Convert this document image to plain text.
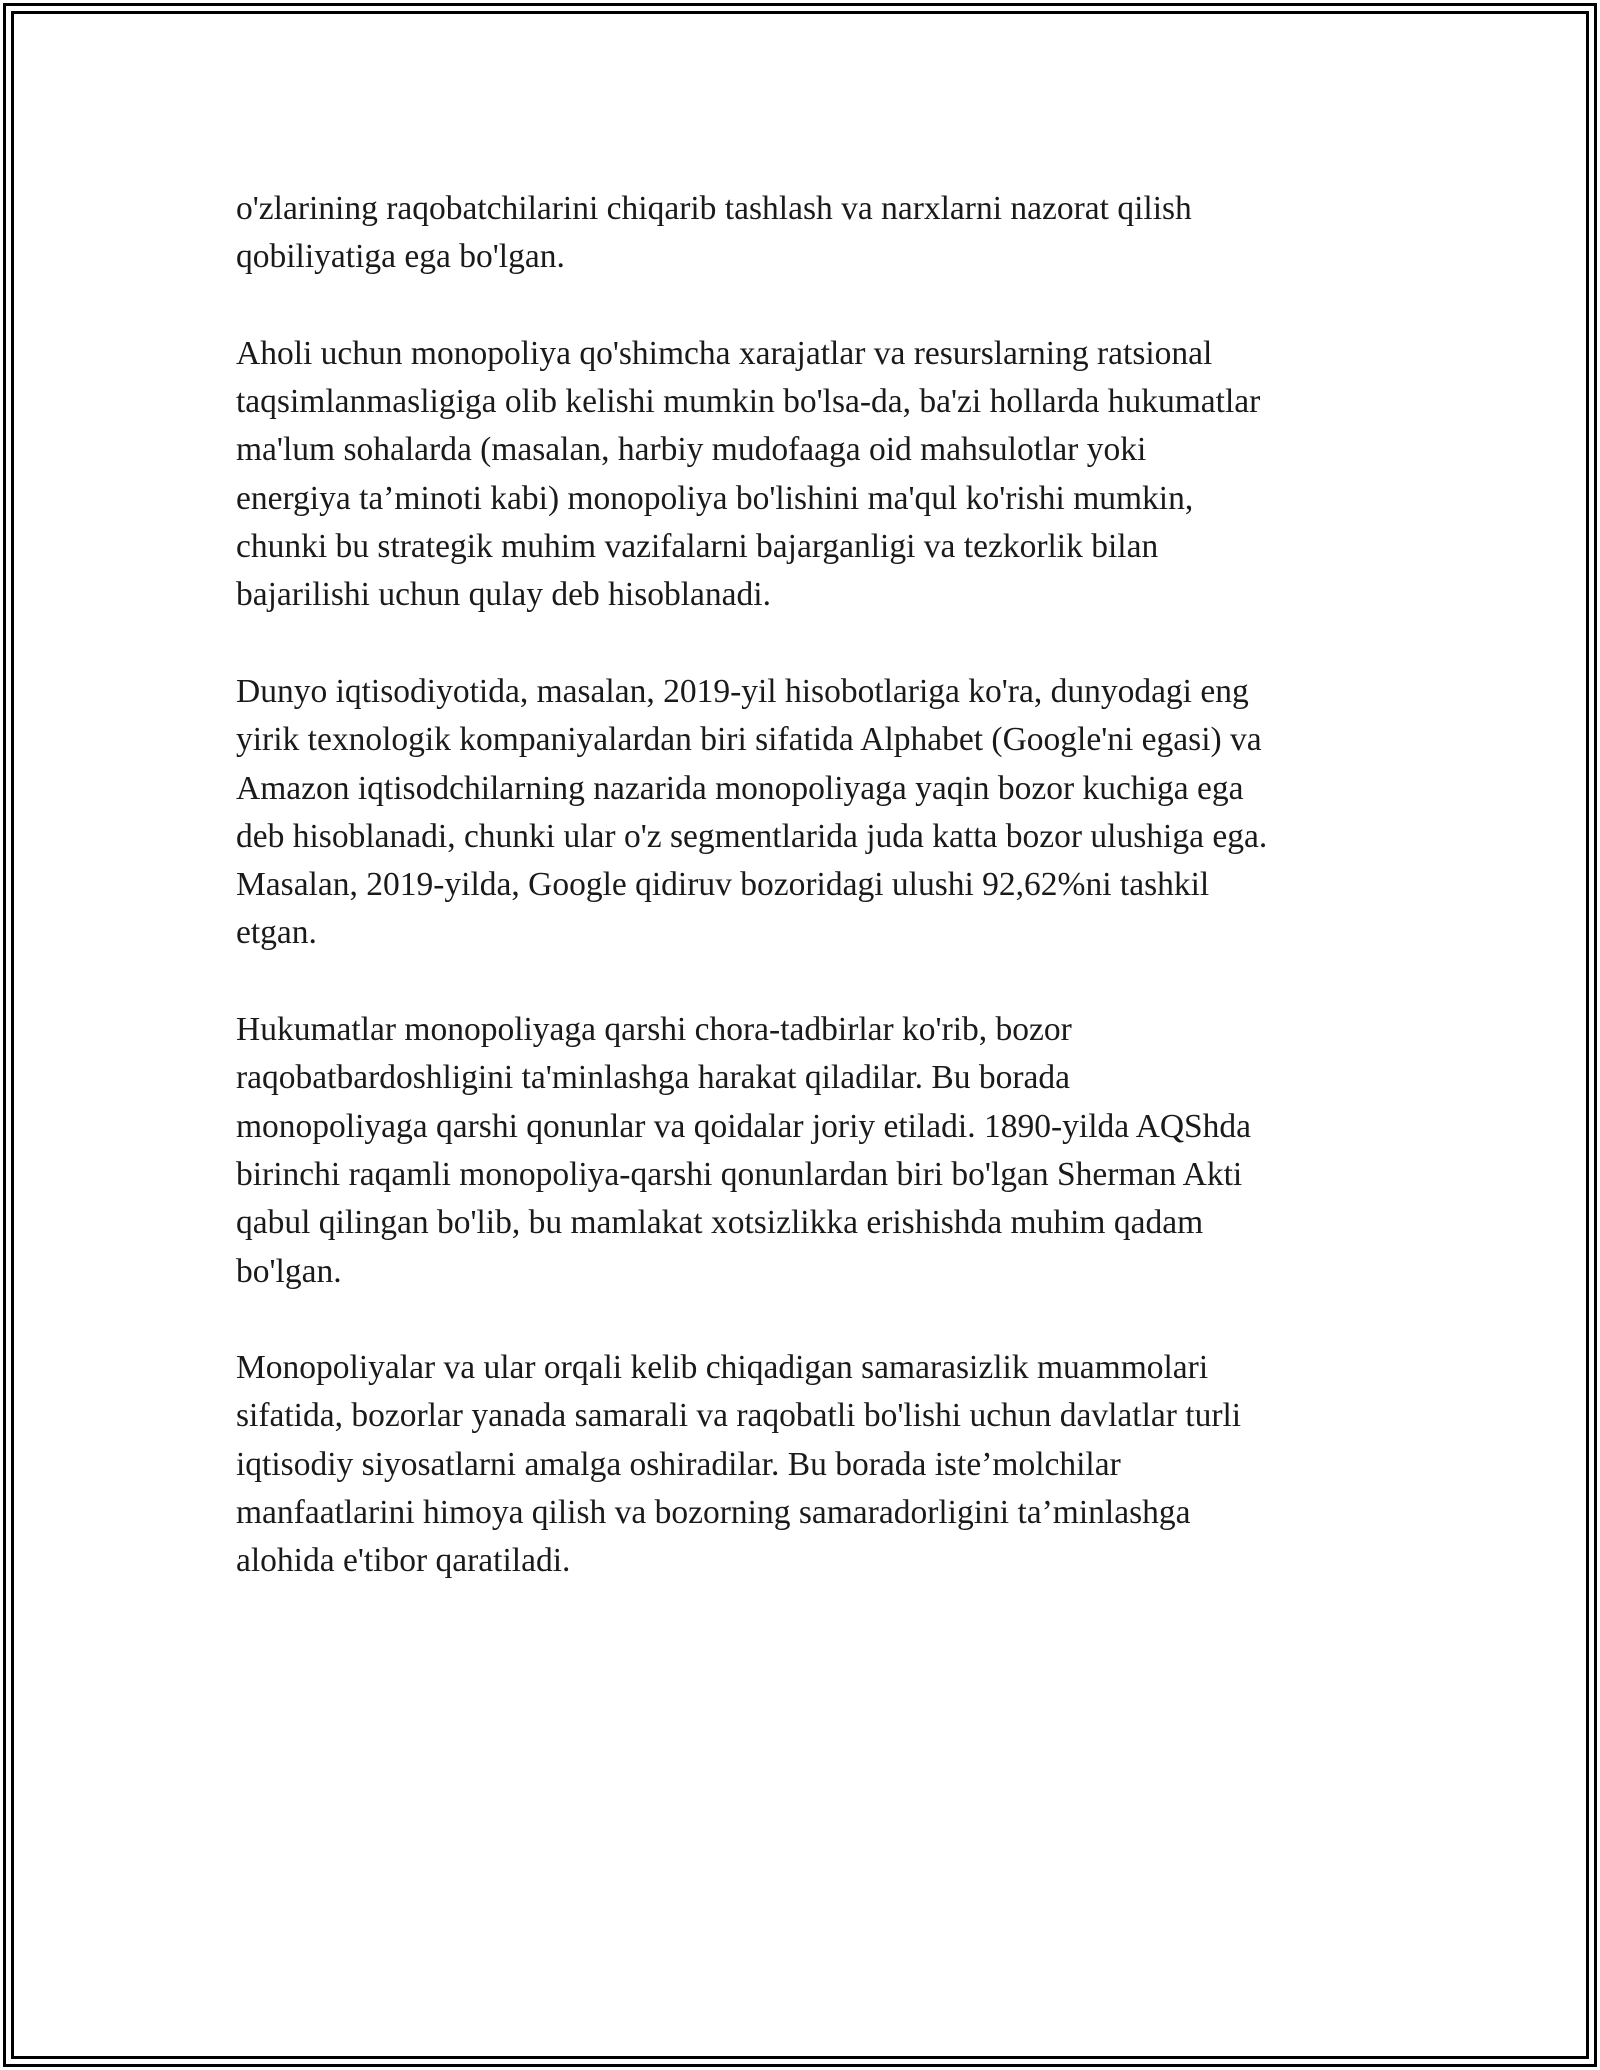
o'zlarining raqobatchilarini chiqarib tashlash va narxlarni nazorat qilish
qobiliyatiga ega bo'lgan.

Aholi uchun monopoliya qo'shimcha xarajatlar va resurslarning ratsional
taqsimlanmasligiga olib kelishi mumkin bo'lsa-da, ba'zi hollarda hukumatlar
ma'lum sohalarda (masalan, harbiy mudofaaga oid mahsulotlar yoki
energiya ta’minoti kabi) monopoliya bo'lishini ma'qul ko'rishi mumkin,
chunki bu strategik muhim vazifalarni bajarganligi va tezkorlik bilan
bajarilishi uchun qulay deb hisoblanadi.

Dunyo iqtisodiyotida, masalan, 2019-yil hisobotlariga ko'ra, dunyodagi eng
yirik texnologik kompaniyalardan biri sifatida Alphabet (Google'ni egasi) va
Amazon iqtisodchilarning nazarida monopoliyaga yaqin bozor kuchiga ega
deb hisoblanadi, chunki ular o'z segmentlarida juda katta bozor ulushiga ega.
Masalan, 2019-yilda, Google qidiruv bozoridagi ulushi 92,62%ni tashkil
etgan.

Hukumatlar monopoliyaga qarshi chora-tadbirlar ko'rib, bozor
raqobatbardoshligini ta'minlashga harakat qiladilar. Bu borada
monopoliyaga qarshi qonunlar va qoidalar joriy etiladi. 1890-yilda AQShda
birinchi raqamli monopoliya-qarshi qonunlardan biri bo'lgan Sherman Akti
qabul qilingan bo'lib, bu mamlakat xotsizlikka erishishda muhim qadam
bo'lgan.

Monopoliyalar va ular orqali kelib chiqadigan samarasizlik muammolari
sifatida, bozorlar yanada samarali va raqobatli bo'lishi uchun davlatlar turli
iqtisodiy siyosatlarni amalga oshiradilar. Bu borada iste’molchilar
manfaatlarini himoya qilish va bozorning samaradorligini ta’minlashga
alohida e'tibor qaratiladi.
